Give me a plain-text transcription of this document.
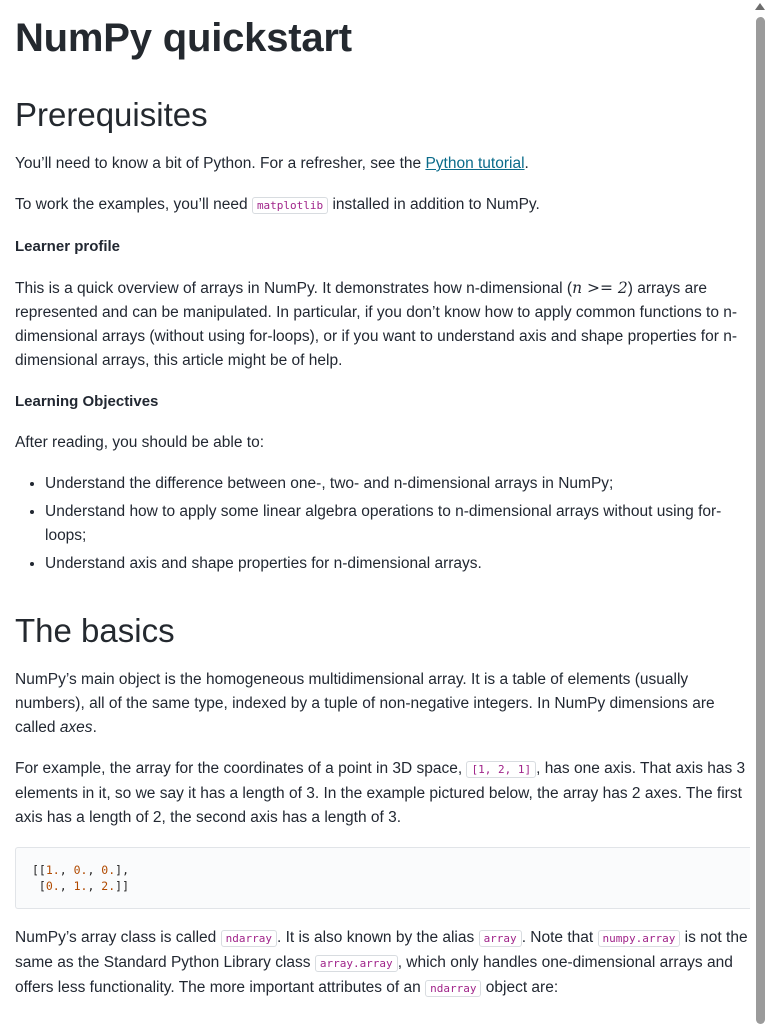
NumPy quickstart
Prerequisites

You’ll need to know a bit of Python. For a refresher, see the Python tutorial.

To work the examples, you’ll need matplotlib installed in addition to NumPy.

Learner profile

This is a quick overview of arrays in NumPy. It demonstrates how n-dimensional (n >= 2) arrays are represented and can be manipulated. In particular, if you don’t know how to apply common functions to n-dimensional arrays (without using for-loops), or if you want to understand axis and shape properties for n-dimensional arrays, this article might be of help.

Learning Objectives

After reading, you should be able to:

• Understand the difference between one-, two- and n-dimensional arrays in NumPy;
• Understand how to apply some linear algebra operations to n-dimensional arrays without using for-loops;
• Understand axis and shape properties for n-dimensional arrays.
The basics

NumPy’s main object is the homogeneous multidimensional array. It is a table of elements (usually numbers), all of the same type, indexed by a tuple of non-negative integers. In NumPy dimensions are called axes.

For example, the array for the coordinates of a point in 3D space, [1, 2, 1] , has one axis. That axis has 3 elements in it, so we say it has a length of 3. In the example pictured below, the array has 2 axes. The first axis has a length of 2, the second axis has a length of 3.

[[1., 0., 0.],
[0., 1., 2.]]

NumPy’s array class is called ndarray . It is also known by the alias array . Note that numpy.array is not the same as the Standard Python Library class array.array , which only handles one-dimensional arrays and offers less functionality. The more important attributes of an ndarray object are:
